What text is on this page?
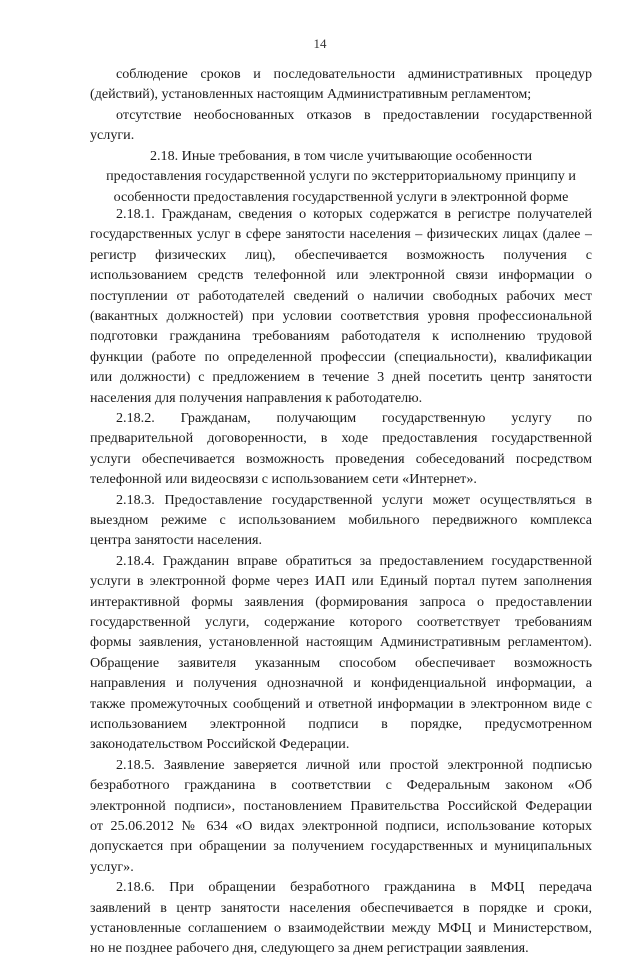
14
соблюдение сроков и последовательности административных процедур
(действий), установленных настоящим Административным регламентом;
отсутствие необоснованных отказов в предоставлении государственной
услуги.
2.18. Иные требования, в том числе учитывающие особенности
предоставления государственной услуги по экстерриториальному принципу и
особенности предоставления государственной услуги в электронной форме
2.18.1. Гражданам, сведения о которых содержатся в регистре получателей
государственных услуг в сфере занятости населения – физических лицах (далее –
регистр физических лиц), обеспечивается возможность получения с
использованием средств телефонной или электронной связи информации о
поступлении от работодателей сведений о наличии свободных рабочих мест
(вакантных должностей) при условии соответствия уровня профессиональной
подготовки гражданина требованиям работодателя к исполнению трудовой
функции (работе по определенной профессии (специальности), квалификации
или должности) с предложением в течение 3 дней посетить центр занятости
населения для получения направления к работодателю.
2.18.2. Гражданам, получающим государственную услугу по
предварительной договоренности, в ходе предоставления государственной
услуги обеспечивается возможность проведения собеседований посредством
телефонной или видеосвязи с использованием сети «Интернет».
2.18.3. Предоставление государственной услуги может осуществляться в
выездном режиме с использованием мобильного передвижного комплекса
центра занятости населения.
2.18.4. Гражданин вправе обратиться за предоставлением государственной
услуги в электронной форме через ИАП или Единый портал путем заполнения
интерактивной формы заявления (формирования запроса о предоставлении
государственной услуги, содержание которого соответствует требованиям
формы заявления, установленной настоящим Административным регламентом).
Обращение заявителя указанным способом обеспечивает возможность
направления и получения однозначной и конфиденциальной информации, а
также промежуточных сообщений и ответной информации в электронном виде с
использованием электронной подписи в порядке, предусмотренном
законодательством Российской Федерации.
2.18.5. Заявление заверяется личной или простой электронной подписью
безработного гражданина в соответствии с Федеральным законом «Об
электронной подписи», постановлением Правительства Российской Федерации
от 25.06.2012 № 634 «О видах электронной подписи, использование которых
допускается при обращении за получением государственных и муниципальных
услуг».
2.18.6. При обращении безработного гражданина в МФЦ передача
заявлений в центр занятости населения обеспечивается в порядке и сроки,
установленные соглашением о взаимодействии между МФЦ и Министерством,
но не позднее рабочего дня, следующего за днем регистрации заявления.
